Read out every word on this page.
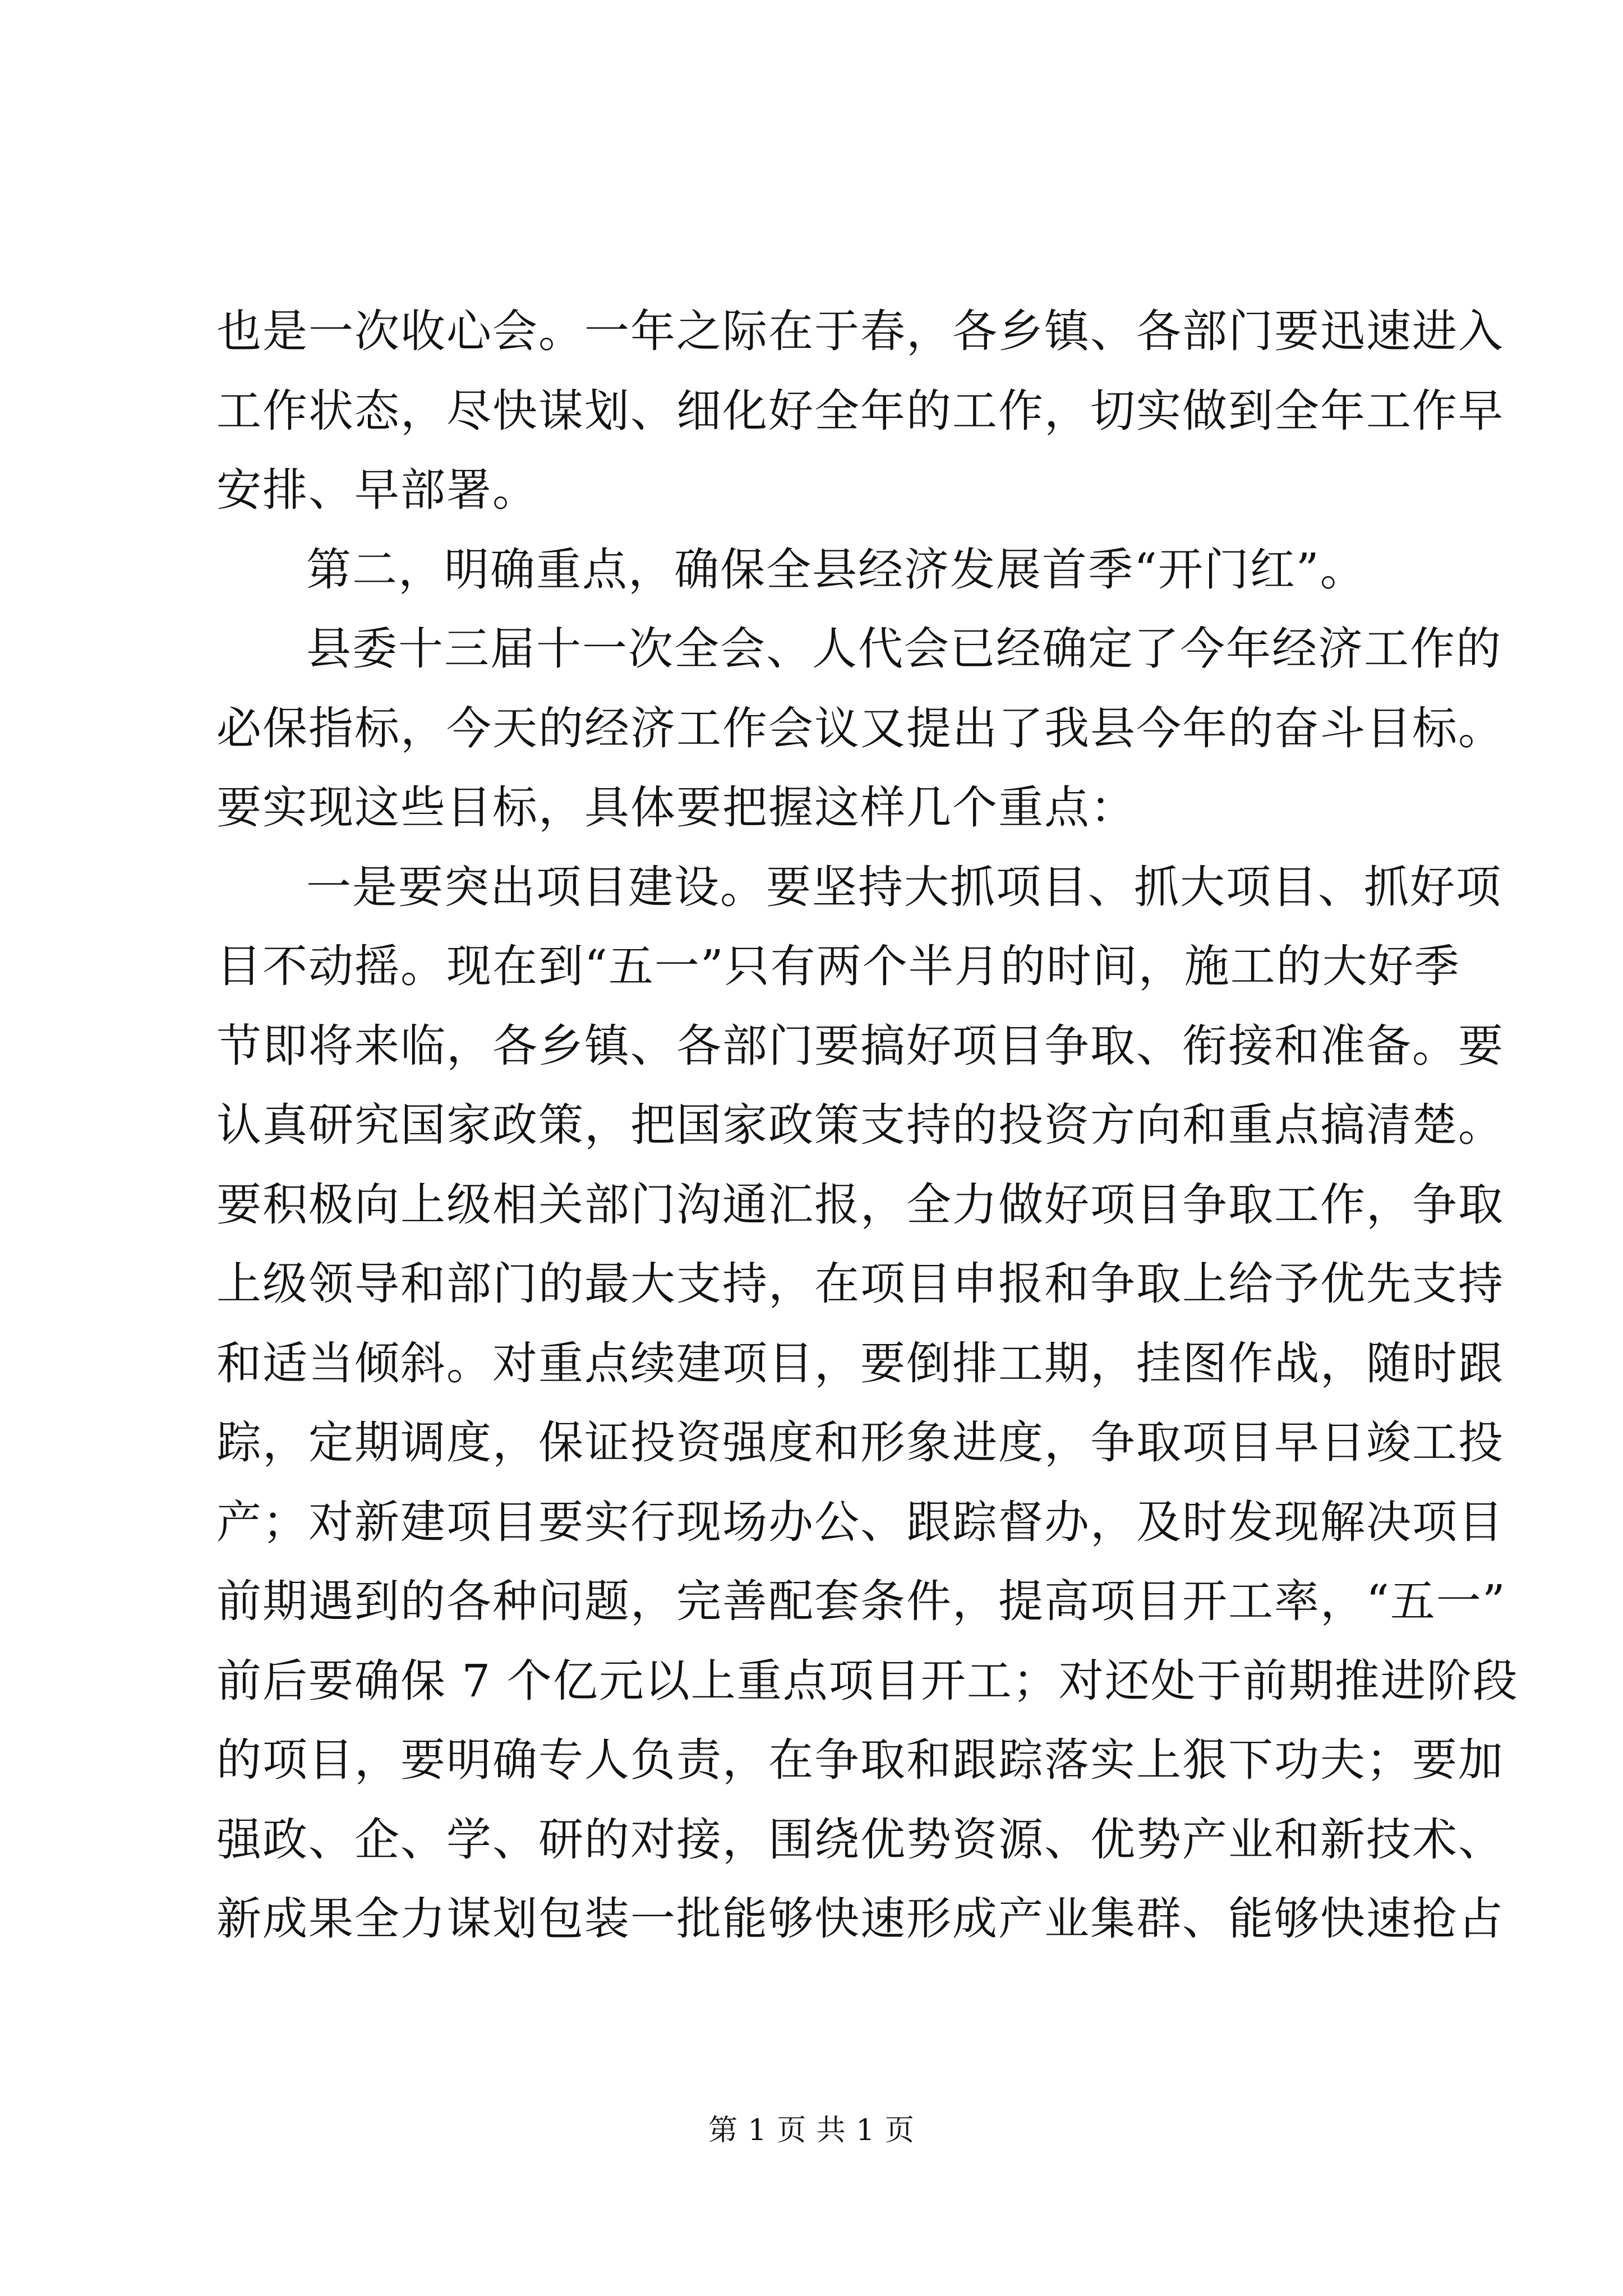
也是一次收心会。一年之际在于春，各乡镇、各部门要迅速进入
工作状态，尽快谋划、细化好全年的工作，切实做到全年工作早
安排、早部署。
第二，明确重点，确保全县经济发展首季“开门红”。
县委十三届十一次全会、人代会已经确定了今年经济工作的
必保指标，今天的经济工作会议又提出了我县今年的奋斗目标。
要实现这些目标，具体要把握这样几个重点：
一是要突出项目建设。要坚持大抓项目、抓大项目、抓好项
目不动摇。现在到“五一”只有两个半月的时间，施工的大好季
节即将来临，各乡镇、各部门要搞好项目争取、衔接和准备。要
认真研究国家政策，把国家政策支持的投资方向和重点搞清楚。
要积极向上级相关部门沟通汇报，全力做好项目争取工作，争取
上级领导和部门的最大支持，在项目申报和争取上给予优先支持
和适当倾斜。对重点续建项目，要倒排工期，挂图作战，随时跟
踪，定期调度，保证投资强度和形象进度，争取项目早日竣工投
产；对新建项目要实行现场办公、跟踪督办，及时发现解决项目
前期遇到的各种问题，完善配套条件，提高项目开工率，“五一”
前后要确保 7 个亿元以上重点项目开工；对还处于前期推进阶段
的项目，要明确专人负责，在争取和跟踪落实上狠下功夫；要加
强政、企、学、研的对接，围绕优势资源、优势产业和新技术、
新成果全力谋划包装一批能够快速形成产业集群、能够快速抢占
第 1 页 共 1 页
